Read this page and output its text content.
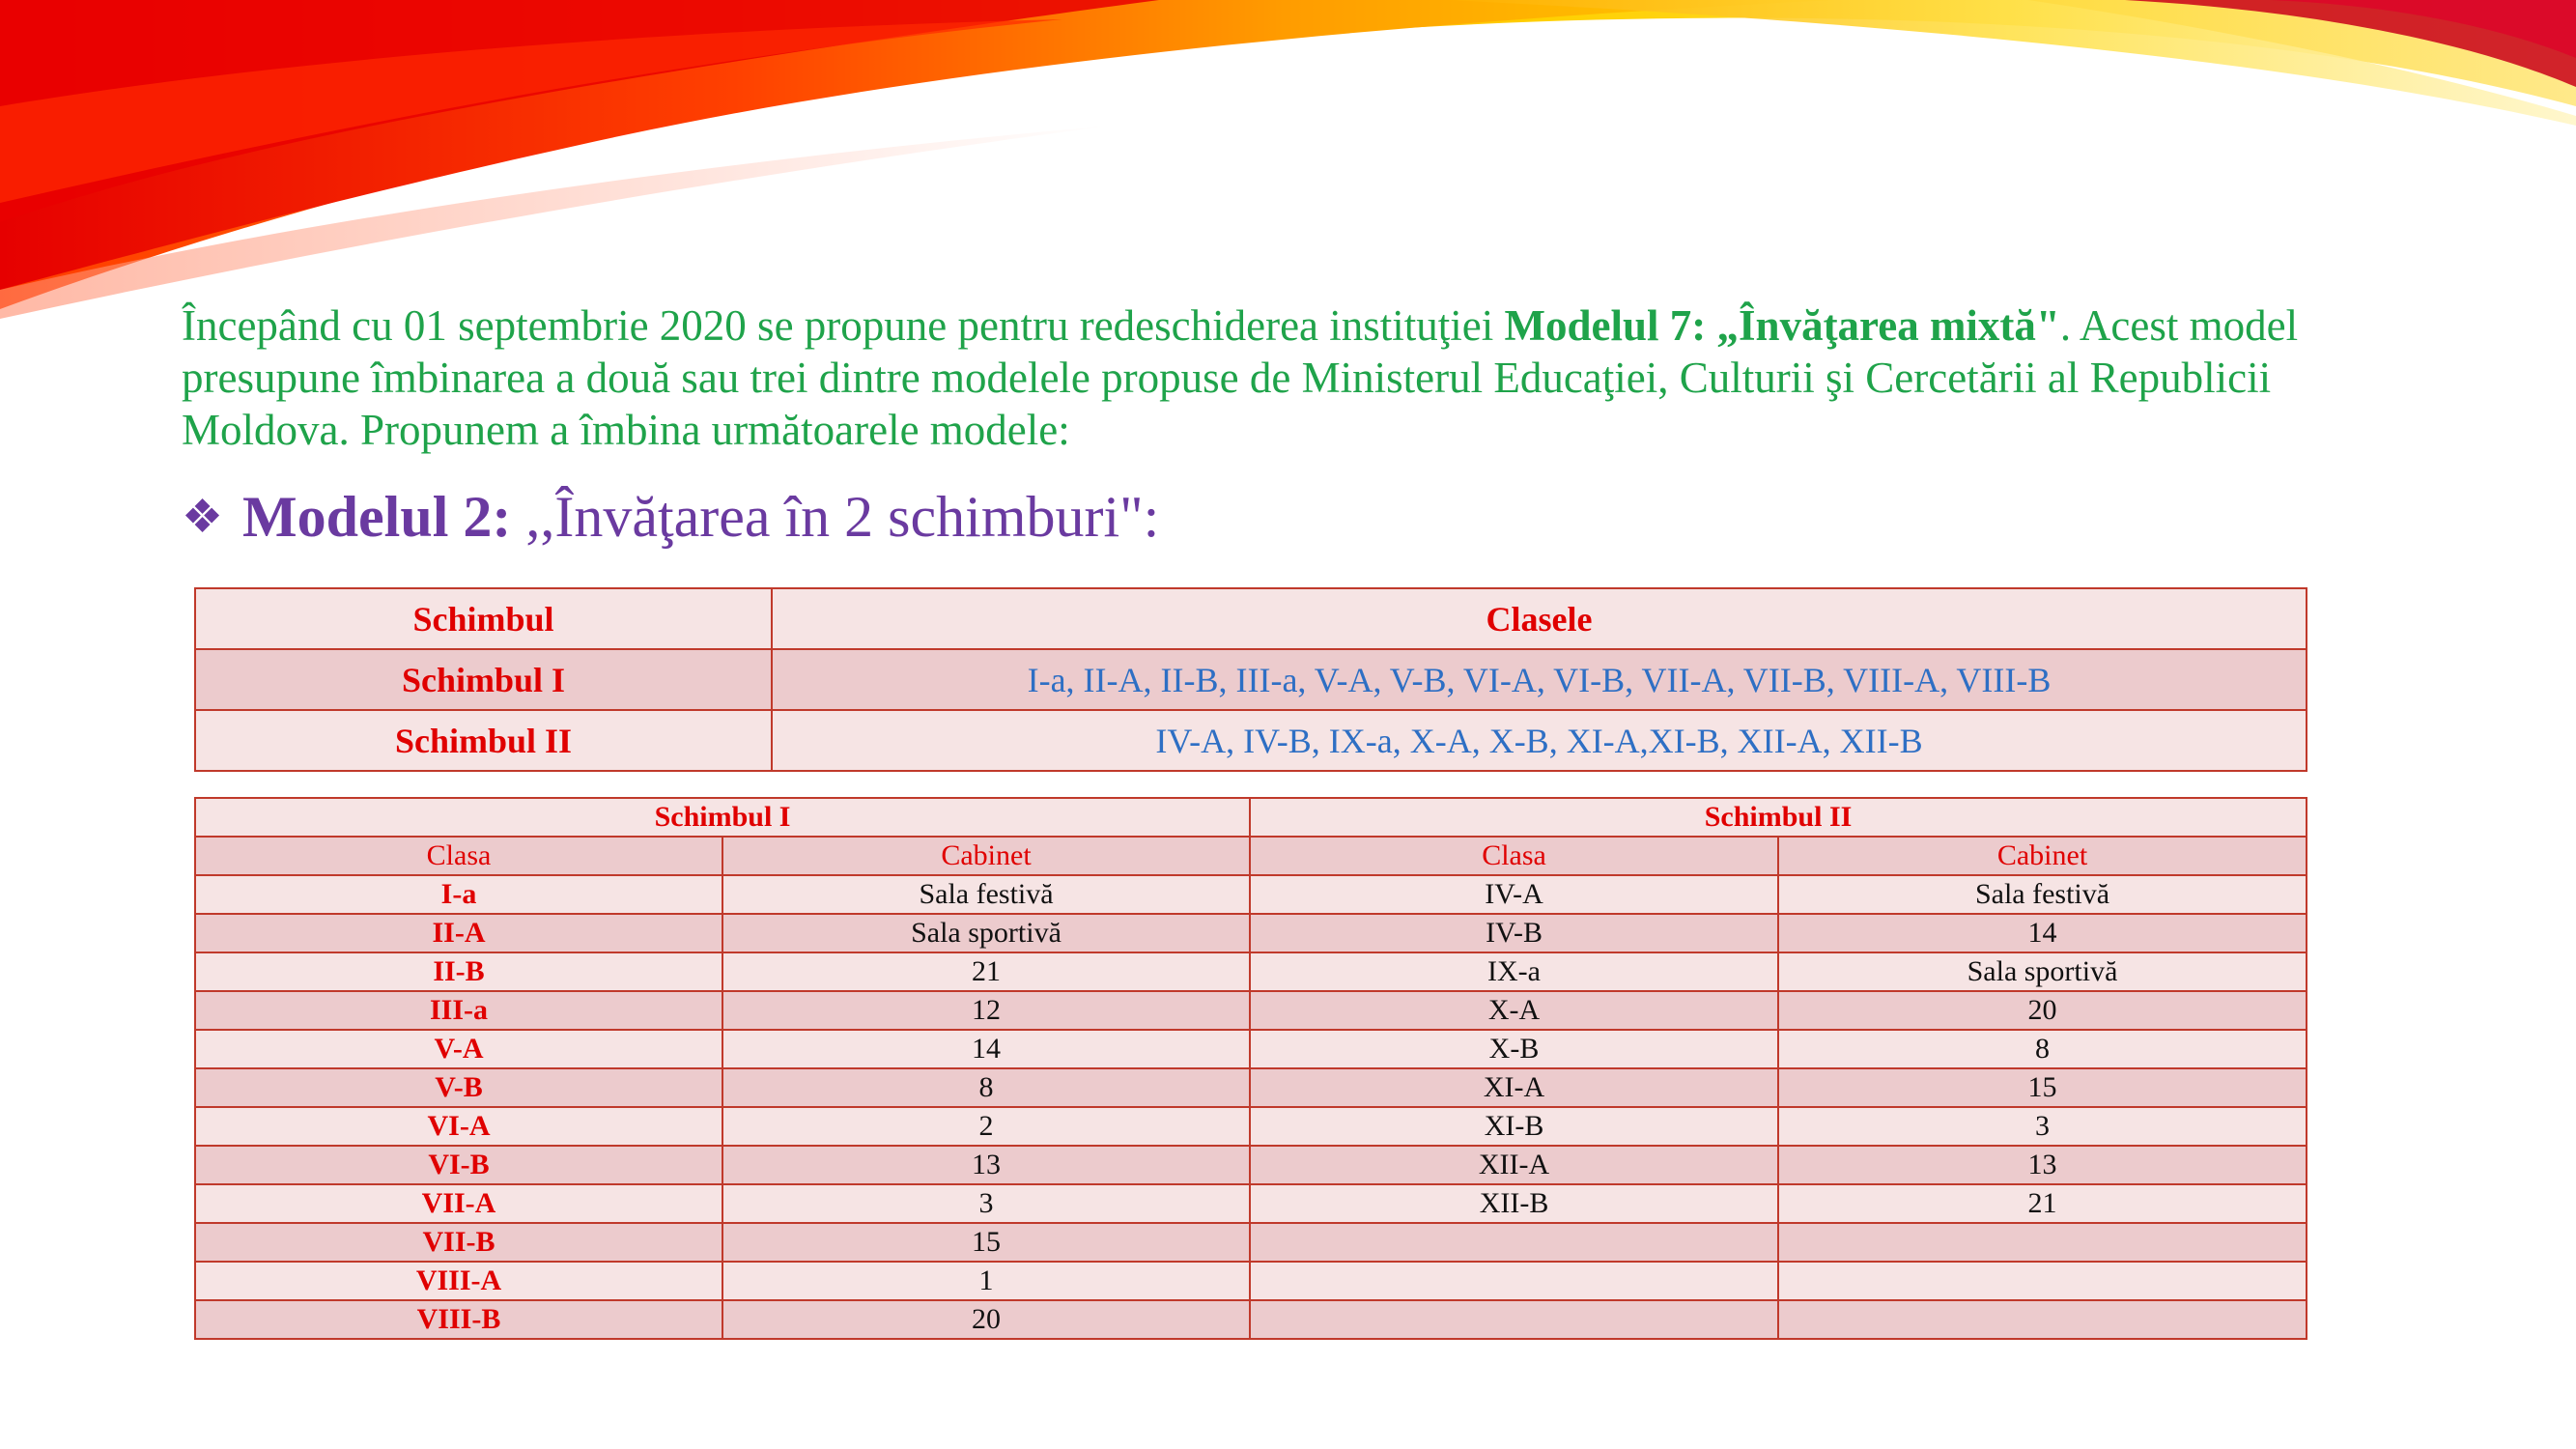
Începând cu 01 septembrie 2020 se propune pentru redeschiderea instituţiei Modelul 7: „Învăţarea mixtă". Acest model presupune îmbinarea a două sau trei dintre modelele propuse de Ministerul Educaţiei, Culturii şi Cercetării al Republicii Moldova. Propunem a îmbina următoarele modele:

❖ Modelul 2: ,,Învăţarea în 2 schimburi":

Schimbul	Clasele
Schimbul I	I-a, II-A, II-B, III-a, V-A, V-B, VI-A, VI-B, VII-A, VII-B, VIII-A, VIII-B
Schimbul II	IV-A, IV-B, IX-a, X-A, X-B, XI-A,XI-B, XII-A, XII-B
Schimbul I		Schimbul II	
Clasa	Cabinet	Clasa	Cabinet
I-a	Sala festivă	IV-A	Sala festivă
II-A	Sala sportivă	IV-B	14
II-B	21	IX-a	Sala sportivă
III-a	12	X-A	20
V-A	14	X-B	8
V-B	8	XI-A	15
VI-A	2	XI-B	3
VI-B	13	XII-A	13
VII-A	3	XII-B	21
VII-B	15		
VIII-A	1		
VIII-B	20		
